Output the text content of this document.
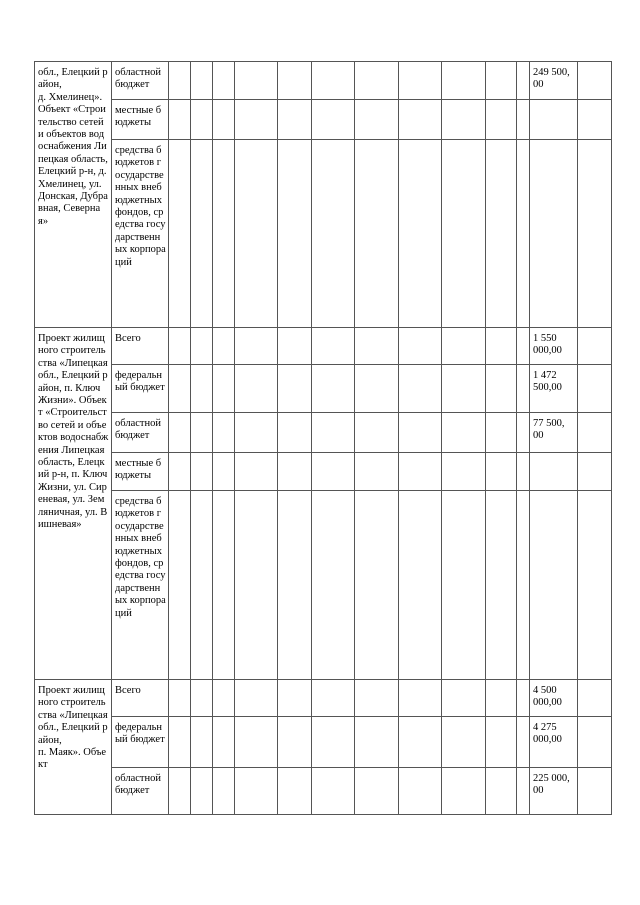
обл., Елецкий район,
д. Хмелинец». Объект «Строительство сетей и объектов водоснабжения Липецкая область, Елецкий р-н, д. Хмелинец, ул. Донская, Дубравная, Северная»	областной бюджет												249 500,
00	

	местные бюджеты													
	средства бюджетов государственных внебюджетных фондов, средства государственных корпораций													

Проект жилищного строительства «Липецкая обл., Елецкий район, п. Ключ Жизни». Объект «Строительство сетей и объектов водоснабжения Липецкая область, Елецкий р-н, п. Ключ Жизни, ул. Сиреневая, ул. Земляничная, ул. Вишневая»	Всего												1 550
000,00	

	федеральный бюджет												1 472
500,00	

	областной бюджет												77 500,
00	

	местные бюджеты													
	средства бюджетов государственных внебюджетных фондов, средства государственных корпораций													

Проект жилищного строительства «Липецкая обл., Елецкий район,
п. Маяк». Объект	Всего												4 500
000,00	

	федеральный бюджет												4 275
000,00	

	областной бюджет												225 000,
00	
